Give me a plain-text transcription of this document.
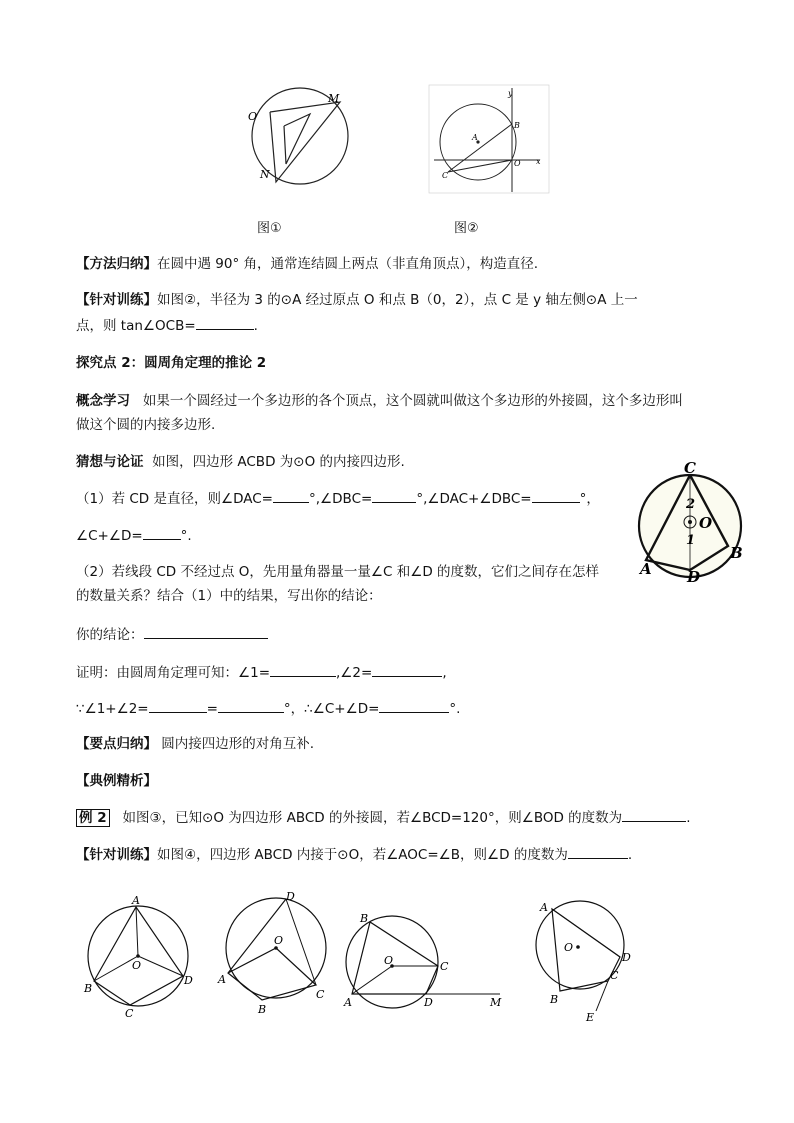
O
M
N
图①
y
x
A
B
O
C
图②
【方法归纳】在圆中遇 90° 角，通常连结圆上两点（非直角顶点），构造直径.
【针对训练】如图②，半径为 3 的⊙A 经过原点 O 和点 B（0，2），点 C 是 y 轴左侧⊙A 上一
点，则 tan∠OCB=	.
探究点 2：圆周角定理的推论 2
概念学习 如果一个圆经过一个多边形的各个顶点，这个圆就叫做这个多边形的外接圆，这个多边形叫
做这个圆的内接多边形.
猜想与论证 如图，四边形 ACBD 为⊙O 的内接四边形.
（1）若 CD 是直径，则∠DAC=	°,∠DBC=	°,∠DAC+∠DBC=	°，
∠C+∠D=	°.
（2）若线段 CD 不经过点 O，先用量角器量一量∠C 和∠D 的度数，它们之间存在怎样
的数量关系？结合（1）中的结果，写出你的结论：
你的结论：
证明：由圆周角定理可知：∠1=	,∠2=	,
∵∠1+∠2=	=	°，∴∠C+∠D=	°.
C
A
B
D
O
2
1
【要点归纳】 圆内接四边形的对角互补.
【典例精析】
例 2 如图③，已知⊙O 为四边形 ABCD 的外接圆，若∠BCD=120°，则∠BOD 的度数为	.
【针对训练】如图④，四边形 ABCD 内接于⊙O，若∠AOC=∠B，则∠D 的度数为	.
A
B
C
D
O
D
A
B
C
O
B
A	D
C
O
M
A
B
C
D
E
O
